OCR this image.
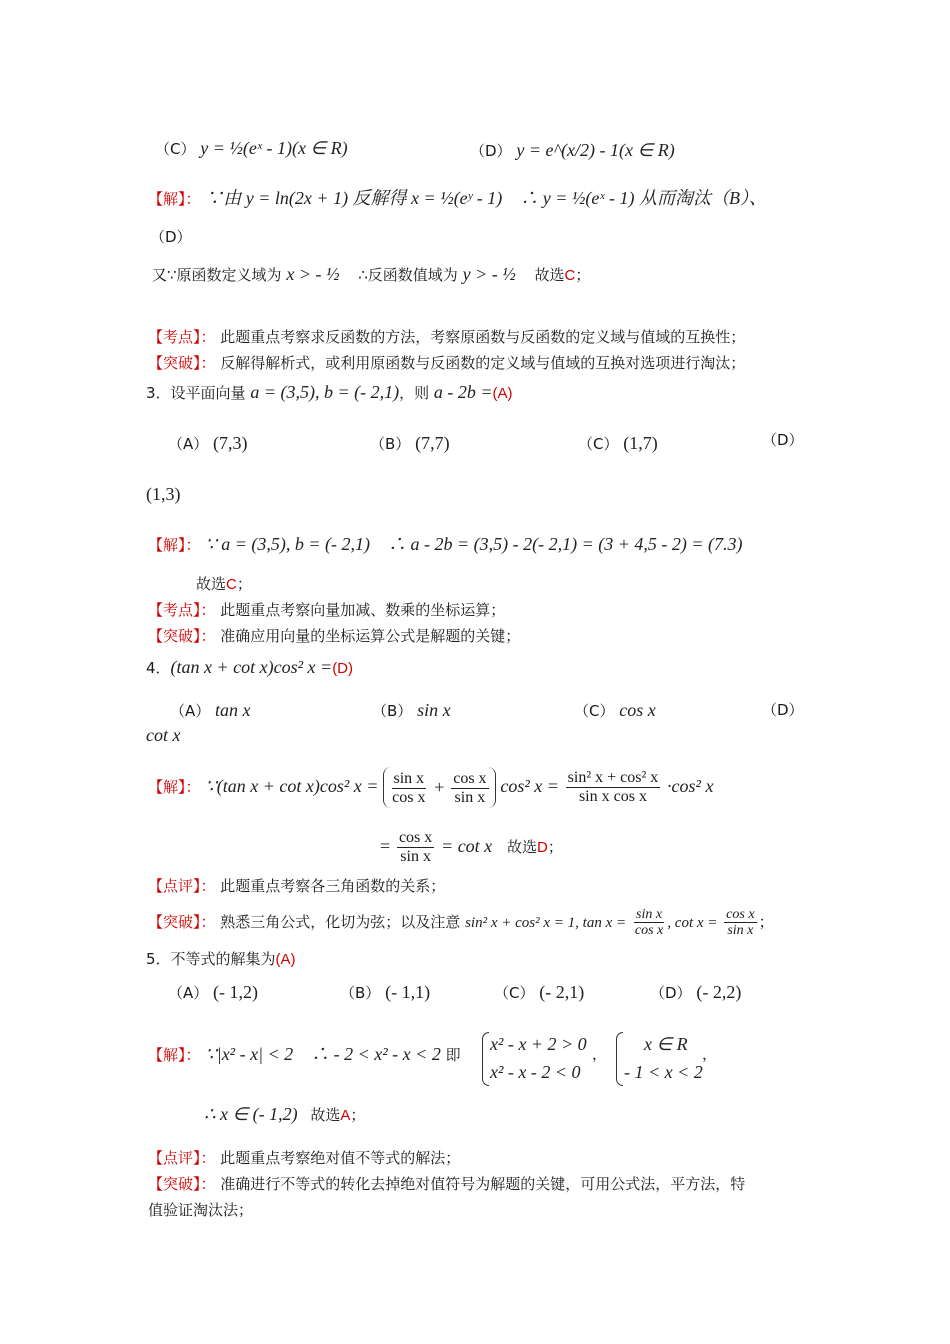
（C） y = ½(eˣ - 1)(x ∈ R)	（D） y = e^(x/2) - 1(x ∈ R)
【解】： ∵由 y = ln(2x + 1) 反解得 x = ½(eʸ - 1)　∴ y = ½(eˣ - 1) 从而淘汰（B）、
（D）
又∵原函数定义域为 x > - ½ ∴反函数值域为 y > - ½ 故选C；
【考点】： 此题重点考察求反函数的方法，考察原函数与反函数的定义域与值域的互换性；
【突破】： 反解得解析式，或利用原函数与反函数的定义域与值域的互换对选项进行淘汰；
3．设平面向量 a = (3,5), b = (- 2,1)，则 a - 2b =(A)
（A） (7,3)	（B） (7,7)	（C） (1,7)	（D）
(1,3)
【解】： ∵ a = (3,5), b = (- 2,1)　∴ a - 2b = (3,5) - 2(- 2,1) = (3 + 4,5 - 2) = (7.3)
故选C；
【考点】： 此题重点考察向量加减、数乘的坐标运算；
【突破】： 准确应用向量的坐标运算公式是解题的关键；
4．(tan x + cot x)cos² x =(D)
（A） tan x	（B） sin x	（C） cos x	（D）
cot x
【解】： ∵(tan x + cot x)cos² $x = \frac{\text{sin x}}{\text{cos x}} + \frac{\text{cos x}}{\text{sin x}} \cos^2$ $x = \frac{\text{sin² x + cos² x}}{\text{sin x cos x}} \cdot\cos^2$ x
= $\frac{\text{cos x}}{\text{sin x}} = \cot x$ 故选D；
【点评】： 此题重点考察各三角函数的关系；
【突破】： 熟悉三角公式，化切为弦；以及注意 sin² x + cos² x = 1, $\tan x = \frac{\text{sin x}}{\text{cos x}}$ , $\cot x = \frac{\text{cos x}}{\text{sin x}}$ ；
5．不等式的解集为(A)
（A） (- 1,2)	（B） (- 1,1)	（C） (- 2,1)	（D） (- 2,2)
【解】： ∵|x² - x| < 2　∴ - 2 < x² - x < 2 即
x² - x + 2 > 0
x² - x - 2 < 0
， x ∈ R
- 1 < x < 2
，
∴ x ∈ (- 1,2) 故选A；
【点评】： 此题重点考察绝对值不等式的解法；
【突破】： 准确进行不等式的转化去掉绝对值符号为解题的关键，可用公式法，平方法，特
值验证淘汰法；
